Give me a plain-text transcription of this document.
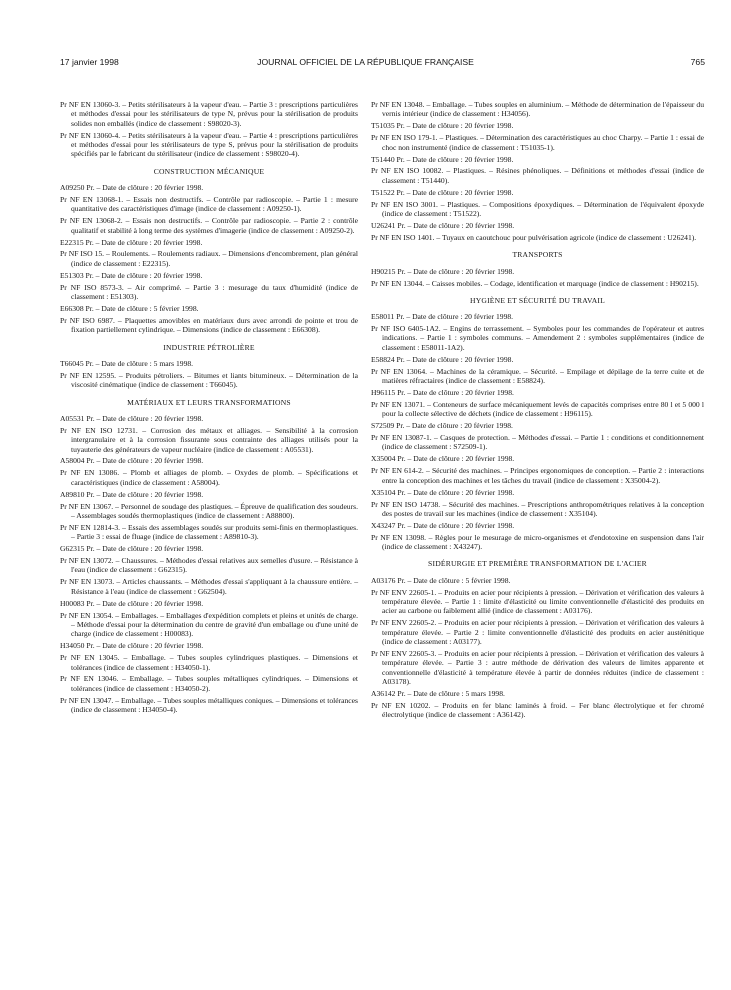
17 janvier 1998	JOURNAL OFFICIEL DE LA RÉPUBLIQUE FRANÇAISE	765
Pr NF EN 13060-3. – Petits stérilisateurs à la vapeur d'eau. – Partie 3 : prescriptions particulières et méthodes d'essai pour les stérilisateurs de type N, prévus pour la stérilisation de produits solides non emballés (indice de classement : S98020-3).
Pr NF EN 13060-4. – Petits stérilisateurs à la vapeur d'eau. – Partie 4 : prescriptions particulières et méthodes d'essai pour les stérilisateurs de type S, prévus pour la stérilisation de produits spécifiés par le fabricant du stérilisateur (indice de classement : S98020-4).
CONSTRUCTION MÉCANIQUE
A09250 Pr. – Date de clôture : 20 février 1998.
Pr NF EN 13068-1. – Essais non destructifs. – Contrôle par radioscopie. – Partie 1 : mesure quantitative des caractéristiques d'image (indice de classement : A09250-1).
Pr NF EN 13068-2. – Essais non destructifs. – Contrôle par radioscopie. – Partie 2 : contrôle qualitatif et stabilité à long terme des systèmes d'imagerie (indice de classement : A09250-2).
E22315 Pr. – Date de clôture : 20 février 1998.
Pr NF ISO 15. – Roulements. – Roulements radiaux. – Dimensions d'encombrement, plan général (indice de classement : E22315).
E51303 Pr. – Date de clôture : 20 février 1998.
Pr NF ISO 8573-3. – Air comprimé. – Partie 3 : mesurage du taux d'humidité (indice de classement : E51303).
E66308 Pr. – Date de clôture : 5 février 1998.
Pr NF ISO 6987. – Plaquettes amovibles en matériaux durs avec arrondi de pointe et trou de fixation partiellement cylindrique. – Dimensions (indice de classement : E66308).
INDUSTRIE PÉTROLIÈRE
T66045 Pr. – Date de clôture : 5 mars 1998.
Pr NF EN 12595. – Produits pétroliers. – Bitumes et liants bitumineux. – Détermination de la viscosité cinématique (indice de classement : T66045).
MATÉRIAUX ET LEURS TRANSFORMATIONS
A05531 Pr. – Date de clôture : 20 février 1998.
Pr NF EN ISO 12731. – Corrosion des métaux et alliages. – Sensibilité à la corrosion intergranulaire et à la corrosion fissurante sous contrainte des alliages utilisés pour la tuyauterie des générateurs de vapeur nucléaire (indice de classement : A05531).
A58004 Pr. – Date de clôture : 20 février 1998.
Pr NF EN 13086. – Plomb et alliages de plomb. – Oxydes de plomb. – Spécifications et caractéristiques (indice de classement : A58004).
A89810 Pr. – Date de clôture : 20 février 1998.
Pr NF EN 13067. – Personnel de soudage des plastiques. – Épreuve de qualification des soudeurs. – Assemblages soudés thermoplastiques (indice de classement : A88800).
Pr NF EN 12814-3. – Essais des assemblages soudés sur produits semi-finis en thermoplastiques. – Partie 3 : essai de fluage (indice de classement : A89810-3).
G62315 Pr. – Date de clôture : 20 février 1998.
Pr NF EN 13072. – Chaussures. – Méthodes d'essai relatives aux semelles d'usure. – Résistance à l'eau (indice de classement : G62315).
Pr NF EN 13073. – Articles chaussants. – Méthodes d'essai s'appliquant à la chaussure entière. – Résistance à l'eau (indice de classement : G62504).
H00083 Pr. – Date de clôture : 20 février 1998.
Pr NF EN 13054. – Emballages. – Emballages d'expédition complets et pleins et unités de charge. – Méthode d'essai pour la détermination du centre de gravité d'un emballage ou d'une unité de charge (indice de classement : H00083).
H34050 Pr. – Date de clôture : 20 février 1998.
Pr NF EN 13045. – Emballage. – Tubes souples cylindriques plastiques. – Dimensions et tolérances (indice de classement : H34050-1).
Pr NF EN 13046. – Emballage. – Tubes souples métalliques cylindriques. – Dimensions et tolérances (indice de classement : H34050-2).
Pr NF EN 13047. – Emballage. – Tubes souples métalliques coniques. – Dimensions et tolérances (indice de classement : H34050-4).
Pr NF EN 13048. – Emballage. – Tubes souples en aluminium. – Méthode de détermination de l'épaisseur du vernis intérieur (indice de classement : H34056).
T51035 Pr. – Date de clôture : 20 février 1998.
Pr NF EN ISO 179-1. – Plastiques. – Détermination des caractéristiques au choc Charpy. – Partie 1 : essai de choc non instrumenté (indice de classement : T51035-1).
T51440 Pr. – Date de clôture : 20 février 1998.
Pr NF EN ISO 10082. – Plastiques. – Résines phénoliques. – Définitions et méthodes d'essai (indice de classement : T51440).
T51522 Pr. – Date de clôture : 20 février 1998.
Pr NF EN ISO 3001. – Plastiques. – Compositions époxydiques. – Détermination de l'équivalent époxyde (indice de classement : T51522).
U26241 Pr. – Date de clôture : 20 février 1998.
Pr NF EN ISO 1401. – Tuyaux en caoutchouc pour pulvérisation agricole (indice de classement : U26241).
TRANSPORTS
H90215 Pr. – Date de clôture : 20 février 1998.
Pr NF EN 13044. – Caisses mobiles. – Codage, identification et marquage (indice de classement : H90215).
HYGIÈNE ET SÉCURITÉ DU TRAVAIL
E58011 Pr. – Date de clôture : 20 février 1998.
Pr NF ISO 6405-1A2. – Engins de terrassement. – Symboles pour les commandes de l'opérateur et autres indications. – Partie 1 : symboles communs. – Amendement 2 : symboles supplémentaires (indice de classement : E58011-1A2).
E58824 Pr. – Date de clôture : 20 février 1998.
Pr NF EN 13064. – Machines de la céramique. – Sécurité. – Empilage et dépilage de la terre cuite et de matières réfractaires (indice de classement : E58824).
H96115 Pr. – Date de clôture : 20 février 1998.
Pr NF EN 13071. – Conteneurs de surface mécaniquement levés de capacités comprises entre 80 l et 5 000 l pour la collecte sélective de déchets (indice de classement : H96115).
S72509 Pr. – Date de clôture : 20 février 1998.
Pr NF EN 13087-1. – Casques de protection. – Méthodes d'essai. – Partie 1 : conditions et conditionnement (indice de classement : S72509-1).
X35004 Pr. – Date de clôture : 20 février 1998.
Pr NF EN 614-2. – Sécurité des machines. – Principes ergonomiques de conception. – Partie 2 : interactions entre la conception des machines et les tâches du travail (indice de classement : X35004-2).
X35104 Pr. – Date de clôture : 20 février 1998.
Pr NF EN ISO 14738. – Sécurité des machines. – Prescriptions anthropométriques relatives à la conception des postes de travail sur les machines (indice de classement : X35104).
X43247 Pr. – Date de clôture : 20 février 1998.
Pr NF EN 13098. – Règles pour le mesurage de micro-organismes et d'endotoxine en suspension dans l'air (indice de classement : X43247).
SIDÉRURGIE ET PREMIÈRE TRANSFORMATION DE L'ACIER
A03176 Pr. – Date de clôture : 5 février 1998.
Pr NF ENV 22605-1. – Produits en acier pour récipients à pression. – Dérivation et vérification des valeurs à température élevée. – Partie 1 : limite d'élasticité ou limite conventionnelle d'élasticité des produits en acier au carbone ou faiblement allié (indice de classement : A03176).
Pr NF ENV 22605-2. – Produits en acier pour récipients à pression. – Dérivation et vérification des valeurs à température élevée. – Partie 2 : limite conventionnelle d'élasticité des produits en acier austénitique (indice de classement : A03177).
Pr NF ENV 22605-3. – Produits en acier pour récipients à pression. – Dérivation et vérification des valeurs à température élevée. – Partie 3 : autre méthode de dérivation des valeurs de limites apparente et conventionnelle d'élasticité à température élevée à partir de données réduites (indice de classement : A03178).
A36142 Pr. – Date de clôture : 5 mars 1998.
Pr NF EN 10202. – Produits en fer blanc laminés à froid. – Fer blanc électrolytique et fer chromé électrolytique (indice de classement : A36142).
